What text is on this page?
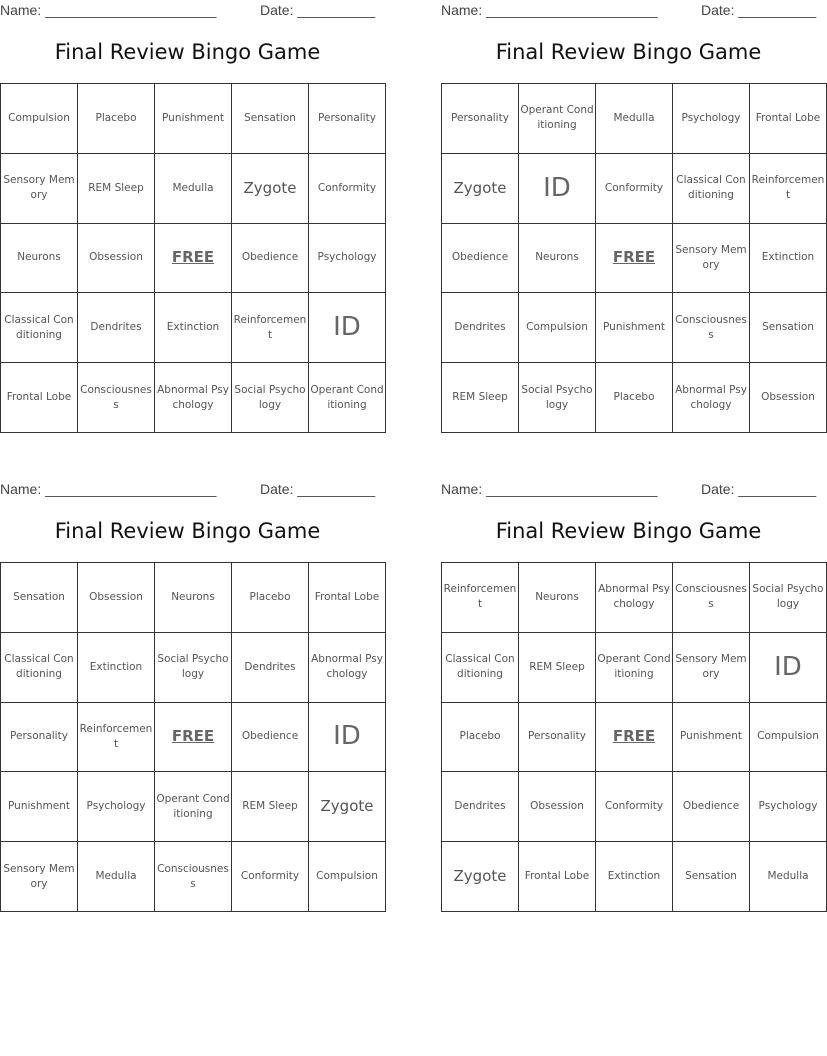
Name: ______________________	Date: __________
Final Review Bingo Game
Compulsion	Placebo	Punishment	Sensation	Personality
Sensory Memory	REM Sleep	Medulla	Zygote	Conformity
Neurons	Obsession	FREE	Obedience	Psychology
Classical Conditioning	Dendrites	Extinction	Reinforcement	ID
Frontal Lobe	Consciousness	Abnormal Psychology	Social Psychology	Operant Conditioning
Name: ______________________	Date: __________
Final Review Bingo Game
Personality	Operant Conditioning	Medulla	Psychology	Frontal Lobe
Zygote	ID	Conformity	Classical Conditioning	Reinforcement
Obedience	Neurons	FREE	Sensory Memory	Extinction
Dendrites	Compulsion	Punishment	Consciousness	Sensation
REM Sleep	Social Psychology	Placebo	Abnormal Psychology	Obsession
Name: ______________________	Date: __________
Final Review Bingo Game
Sensation	Obsession	Neurons	Placebo	Frontal Lobe
Classical Conditioning	Extinction	Social Psychology	Dendrites	Abnormal Psychology
Personality	Reinforcement	FREE	Obedience	ID
Punishment	Psychology	Operant Conditioning	REM Sleep	Zygote
Sensory Memory	Medulla	Consciousness	Conformity	Compulsion
Name: ______________________	Date: __________
Final Review Bingo Game
Reinforcement	Neurons	Abnormal Psychology	Consciousness	Social Psychology
Classical Conditioning	REM Sleep	Operant Conditioning	Sensory Memory	ID
Placebo	Personality	FREE	Punishment	Compulsion
Dendrites	Obsession	Conformity	Obedience	Psychology
Zygote	Frontal Lobe	Extinction	Sensation	Medulla
